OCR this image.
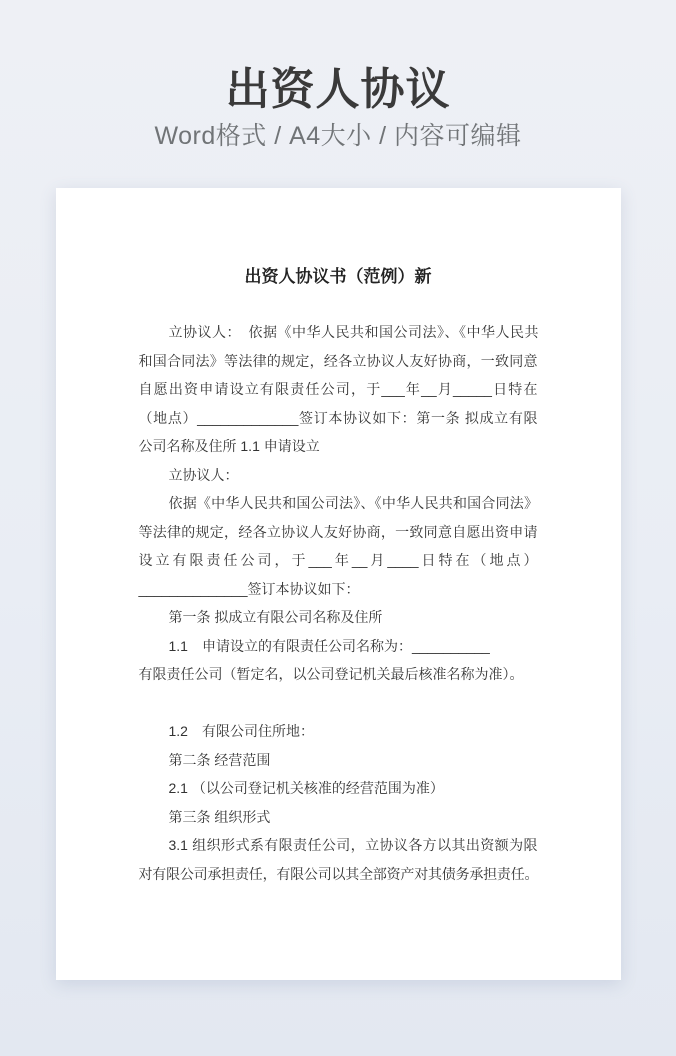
出资人协议
Word格式 / A4大小 / 内容可编辑
出资人协议书（范例）新
立协议人：　依据《中华人民共和国公司法》、《中华人民共
和国合同法》等法律的规定，经各立协议人友好协商，一致同意
自愿出资申请设立有限责任公司，于___年__月_____日特在
（地点）_____________签订本协议如下：第一条 拟成立有限
公司名称及住所 1.1 申请设立
立协议人：
依据《中华人民共和国公司法》、《中华人民共和国合同法》
等法律的规定，经各立协议人友好协商，一致同意自愿出资申请
设立有限责任公司，于___年__月____日特在（地点）
______________签订本协议如下：
第一条 拟成立有限公司名称及住所
1.1　申请设立的有限责任公司名称为：__________
有限责任公司（暂定名，以公司登记机关最后核准名称为准）。
1.2　有限公司住所地：
第二条 经营范围
2.1 （以公司登记机关核准的经营范围为准）
第三条 组织形式
3.1 组织形式系有限责任公司，立协议各方以其出资额为限
对有限公司承担责任，有限公司以其全部资产对其债务承担责任。
